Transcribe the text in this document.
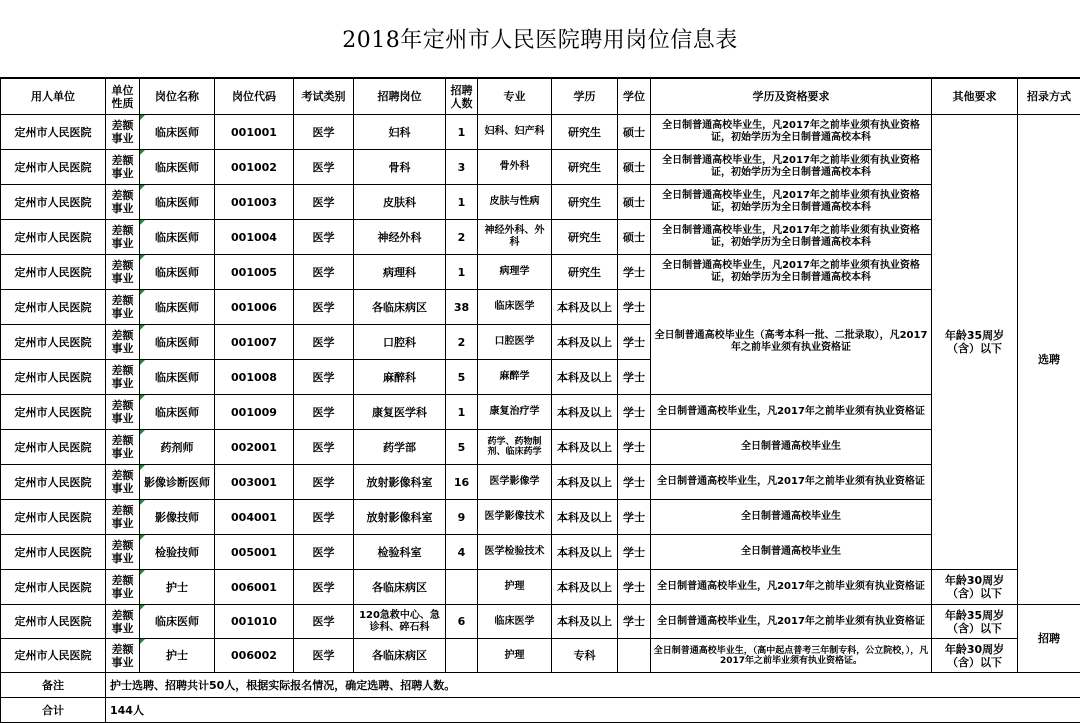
2018年定州市人民医院聘用岗位信息表
用人单位	单位性质	岗位名称	岗位代码	考试类别	招聘岗位	招聘人数	专业	学历	学位	学历及资格要求	其他要求	招录方式
定州市人民医院	差额事业	临床医师	001001	医学	妇科	1	妇科、妇产科	研究生	硕士	全日制普通高校毕业生，凡2017年之前毕业须有执业资格证，初始学历为全日制普通高校本科	年龄35周岁（含）以下	选聘
定州市人民医院	差额事业	临床医师	001002	医学	骨科	3	骨外科	研究生	硕士	全日制普通高校毕业生，凡2017年之前毕业须有执业资格证，初始学历为全日制普通高校本科		
定州市人民医院	差额事业	临床医师	001003	医学	皮肤科	1	皮肤与性病	研究生	硕士	全日制普通高校毕业生，凡2017年之前毕业须有执业资格证，初始学历为全日制普通高校本科		
定州市人民医院	差额事业	临床医师	001004	医学	神经外科	2	神经外科、外科	研究生	硕士	全日制普通高校毕业生，凡2017年之前毕业须有执业资格证，初始学历为全日制普通高校本科		
定州市人民医院	差额事业	临床医师	001005	医学	病理科	1	病理学	研究生	学士	全日制普通高校毕业生，凡2017年之前毕业须有执业资格证，初始学历为全日制普通高校本科		
定州市人民医院	差额事业	临床医师	001006	医学	各临床病区	38	临床医学	本科及以上	学士	全日制普通高校毕业生（高考本科一批、二批录取），凡2017年之前毕业须有执业资格证		
定州市人民医院	差额事业	临床医师	001007	医学	口腔科	2	口腔医学	本科及以上	学士			
定州市人民医院	差额事业	临床医师	001008	医学	麻醉科	5	麻醉学	本科及以上	学士			
定州市人民医院	差额事业	临床医师	001009	医学	康复医学科	1	康复治疗学	本科及以上	学士	全日制普通高校毕业生，凡2017年之前毕业须有执业资格证		
定州市人民医院	差额事业	药剂师	002001	医学	药学部	5	药学、药物制剂、临床药学	本科及以上	学士	全日制普通高校毕业生		
定州市人民医院	差额事业	影像诊断医师	003001	医学	放射影像科室	16	医学影像学	本科及以上	学士	全日制普通高校毕业生，凡2017年之前毕业须有执业资格证		
定州市人民医院	差额事业	影像技师	004001	医学	放射影像科室	9	医学影像技术	本科及以上	学士	全日制普通高校毕业生		
定州市人民医院	差额事业	检验技师	005001	医学	检验科室	4	医学检验技术	本科及以上	学士	全日制普通高校毕业生		
定州市人民医院	差额事业	护士	006001	医学	各临床病区		护理	本科及以上	学士	全日制普通高校毕业生，凡2017年之前毕业须有执业资格证	年龄30周岁（含）以下	
定州市人民医院	差额事业	临床医师	001010	医学	120急救中心、急诊科、碎石科	6	临床医学	本科及以上	学士	全日制普通高校毕业生，凡2017年之前毕业须有执业资格证	年龄35周岁（含）以下	招聘
定州市人民医院	差额事业	护士	006002	医学	各临床病区		护理	专科		全日制普通高校毕业生，（高中起点普考三年制专科，公立院校，），凡2017年之前毕业须有执业资格证。	年龄30周岁（含）以下	
备注	护士选聘、招聘共计50人，根据实际报名情况，确定选聘、招聘人数。											
合计	144人											
